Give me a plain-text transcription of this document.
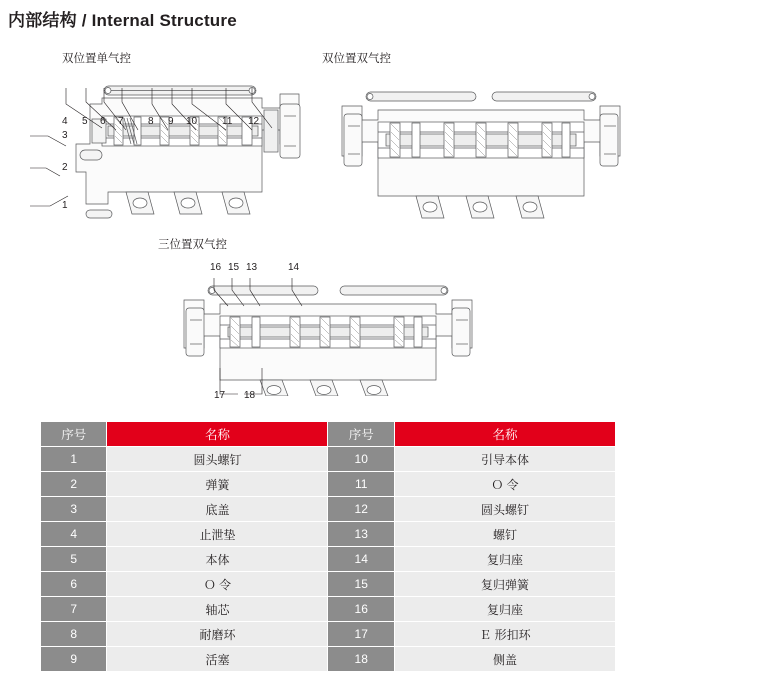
内部结构 / Internal Structure
双位置单气控	双位置双气控
三位置双气控
4 5 6 7 8 9 10 11 12
3
2
1
16 15 13	14
17 18
序号	名称	序号	名称
1	圆头螺钉	10	引导本体
2	弹簧	11	Ｏ 令
3	底盖	12	圆头螺钉
4	止泄垫	13	螺钉
5	本体	14	复归座
6	Ｏ 令	15	复归弹簧
7	轴芯	16	复归座
8	耐磨环	17	Ｅ 形扣环
9	活塞	18	侧盖
